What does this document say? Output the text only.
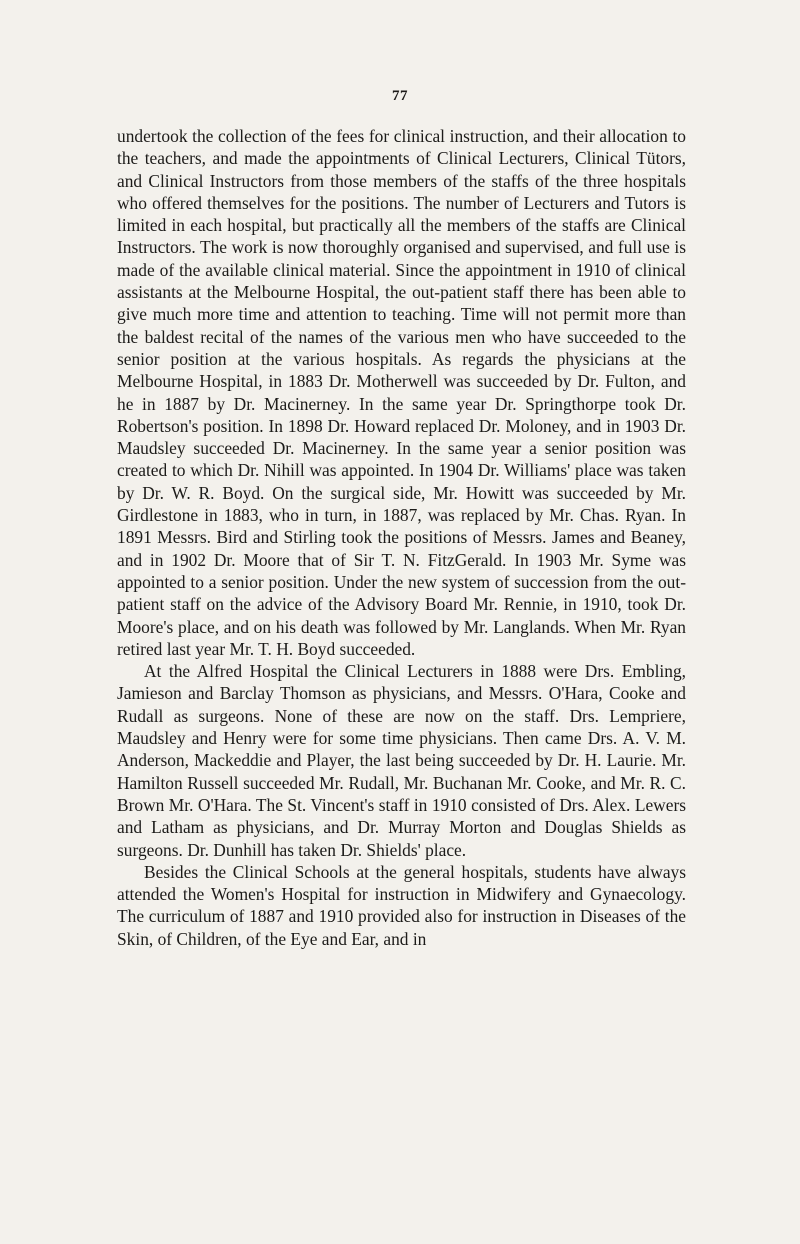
77

undertook the collection of the fees for clinical instruction, and their allocation to the teachers, and made the appointments of Clinical Lecturers, Clinical Tütors, and Clinical Instructors from those members of the staffs of the three hospitals who offered themselves for the positions. The number of Lecturers and Tutors is limited in each hospital, but practically all the members of the staffs are Clinical Instructors. The work is now thoroughly organised and supervised, and full use is made of the available clinical material. Since the appointment in 1910 of clinical assistants at the Melbourne Hospital, the out-patient staff there has been able to give much more time and attention to teaching. Time will not permit more than the baldest recital of the names of the various men who have succeeded to the senior position at the various hospitals. As regards the physicians at the Melbourne Hospital, in 1883 Dr. Motherwell was succeeded by Dr. Fulton, and he in 1887 by Dr. Macinerney. In the same year Dr. Springthorpe took Dr. Robertson's position. In 1898 Dr. Howard replaced Dr. Moloney, and in 1903 Dr. Maudsley succeeded Dr. Macinerney. In the same year a senior position was created to which Dr. Nihill was appointed. In 1904 Dr. Williams' place was taken by Dr. W. R. Boyd. On the surgical side, Mr. Howitt was succeeded by Mr. Girdlestone in 1883, who in turn, in 1887, was replaced by Mr. Chas. Ryan. In 1891 Messrs. Bird and Stirling took the positions of Messrs. James and Beaney, and in 1902 Dr. Moore that of Sir T. N. FitzGerald. In 1903 Mr. Syme was appointed to a senior position. Under the new system of succession from the out-patient staff on the advice of the Advisory Board Mr. Rennie, in 1910, took Dr. Moore's place, and on his death was followed by Mr. Langlands. When Mr. Ryan retired last year Mr. T. H. Boyd succeeded.

At the Alfred Hospital the Clinical Lecturers in 1888 were Drs. Embling, Jamieson and Barclay Thomson as physicians, and Messrs. O'Hara, Cooke and Rudall as surgeons. None of these are now on the staff. Drs. Lempriere, Maudsley and Henry were for some time physicians. Then came Drs. A. V. M. Anderson, Mackeddie and Player, the last being succeeded by Dr. H. Laurie. Mr. Hamilton Russell succeeded Mr. Rudall, Mr. Buchanan Mr. Cooke, and Mr. R. C. Brown Mr. O'Hara. The St. Vincent's staff in 1910 consisted of Drs. Alex. Lewers and Latham as physicians, and Dr. Murray Morton and Douglas Shields as surgeons. Dr. Dunhill has taken Dr. Shields' place.

Besides the Clinical Schools at the general hospitals, students have always attended the Women's Hospital for instruction in Midwifery and Gynaecology. The curriculum of 1887 and 1910 provided also for instruction in Diseases of the Skin, of Children, of the Eye and Ear, and in
